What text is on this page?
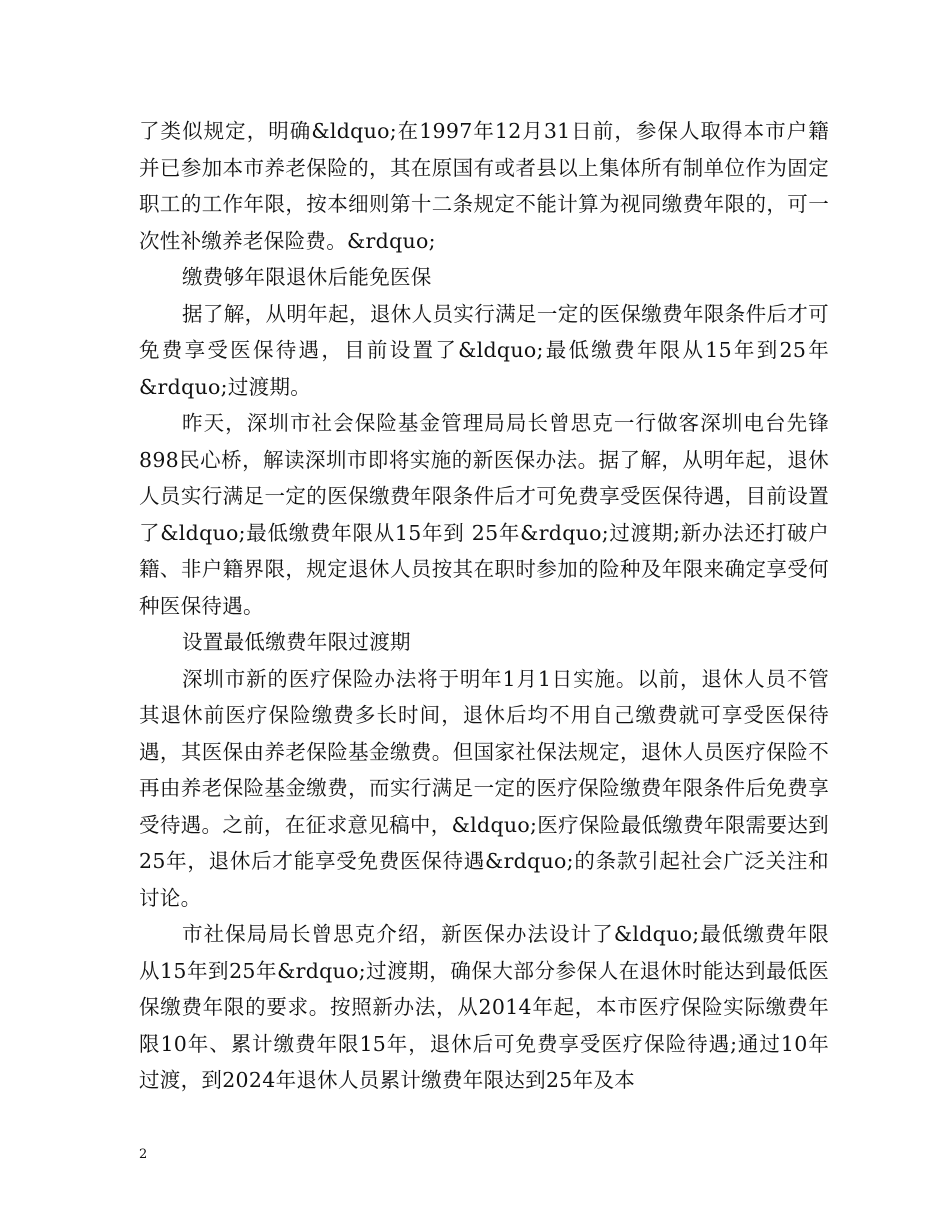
了类似规定，明确&ldquo;在1997年12月31日前，参保人取得本市户籍并已参加本市养老保险的，其在原国有或者县以上集体所有制单位作为固定职工的工作年限，按本细则第十二条规定不能计算为视同缴费年限的，可一次性补缴养老保险费。&rdquo;

缴费够年限退休后能免医保

据了解，从明年起，退休人员实行满足一定的医保缴费年限条件后才可免费享受医保待遇，目前设置了&ldquo;最低缴费年限从15年到25年&rdquo;过渡期。

昨天，深圳市社会保险基金管理局局长曾思克一行做客深圳电台先锋898民心桥，解读深圳市即将实施的新医保办法。据了解，从明年起，退休人员实行满足一定的医保缴费年限条件后才可免费享受医保待遇，目前设置了&ldquo;最低缴费年限从15年到 25年&rdquo;过渡期;新办法还打破户籍、非户籍界限，规定退休人员按其在职时参加的险种及年限来确定享受何种医保待遇。

设置最低缴费年限过渡期

深圳市新的医疗保险办法将于明年1月1日实施。以前，退休人员不管其退休前医疗保险缴费多长时间，退休后均不用自己缴费就可享受医保待遇，其医保由养老保险基金缴费。但国家社保法规定，退休人员医疗保险不再由养老保险基金缴费，而实行满足一定的医疗保险缴费年限条件后免费享受待遇。之前，在征求意见稿中，&ldquo;医疗保险最低缴费年限需要达到25年，退休后才能享受免费医保待遇&rdquo;的条款引起社会广泛关注和讨论。

市社保局局长曾思克介绍，新医保办法设计了&ldquo;最低缴费年限从15年到25年&rdquo;过渡期，确保大部分参保人在退休时能达到最低医保缴费年限的要求。按照新办法，从2014年起，本市医疗保险实际缴费年限10年、累计缴费年限15年，退休后可免费享受医疗保险待遇;通过10年过渡，到2024年退休人员累计缴费年限达到25年及本

2
